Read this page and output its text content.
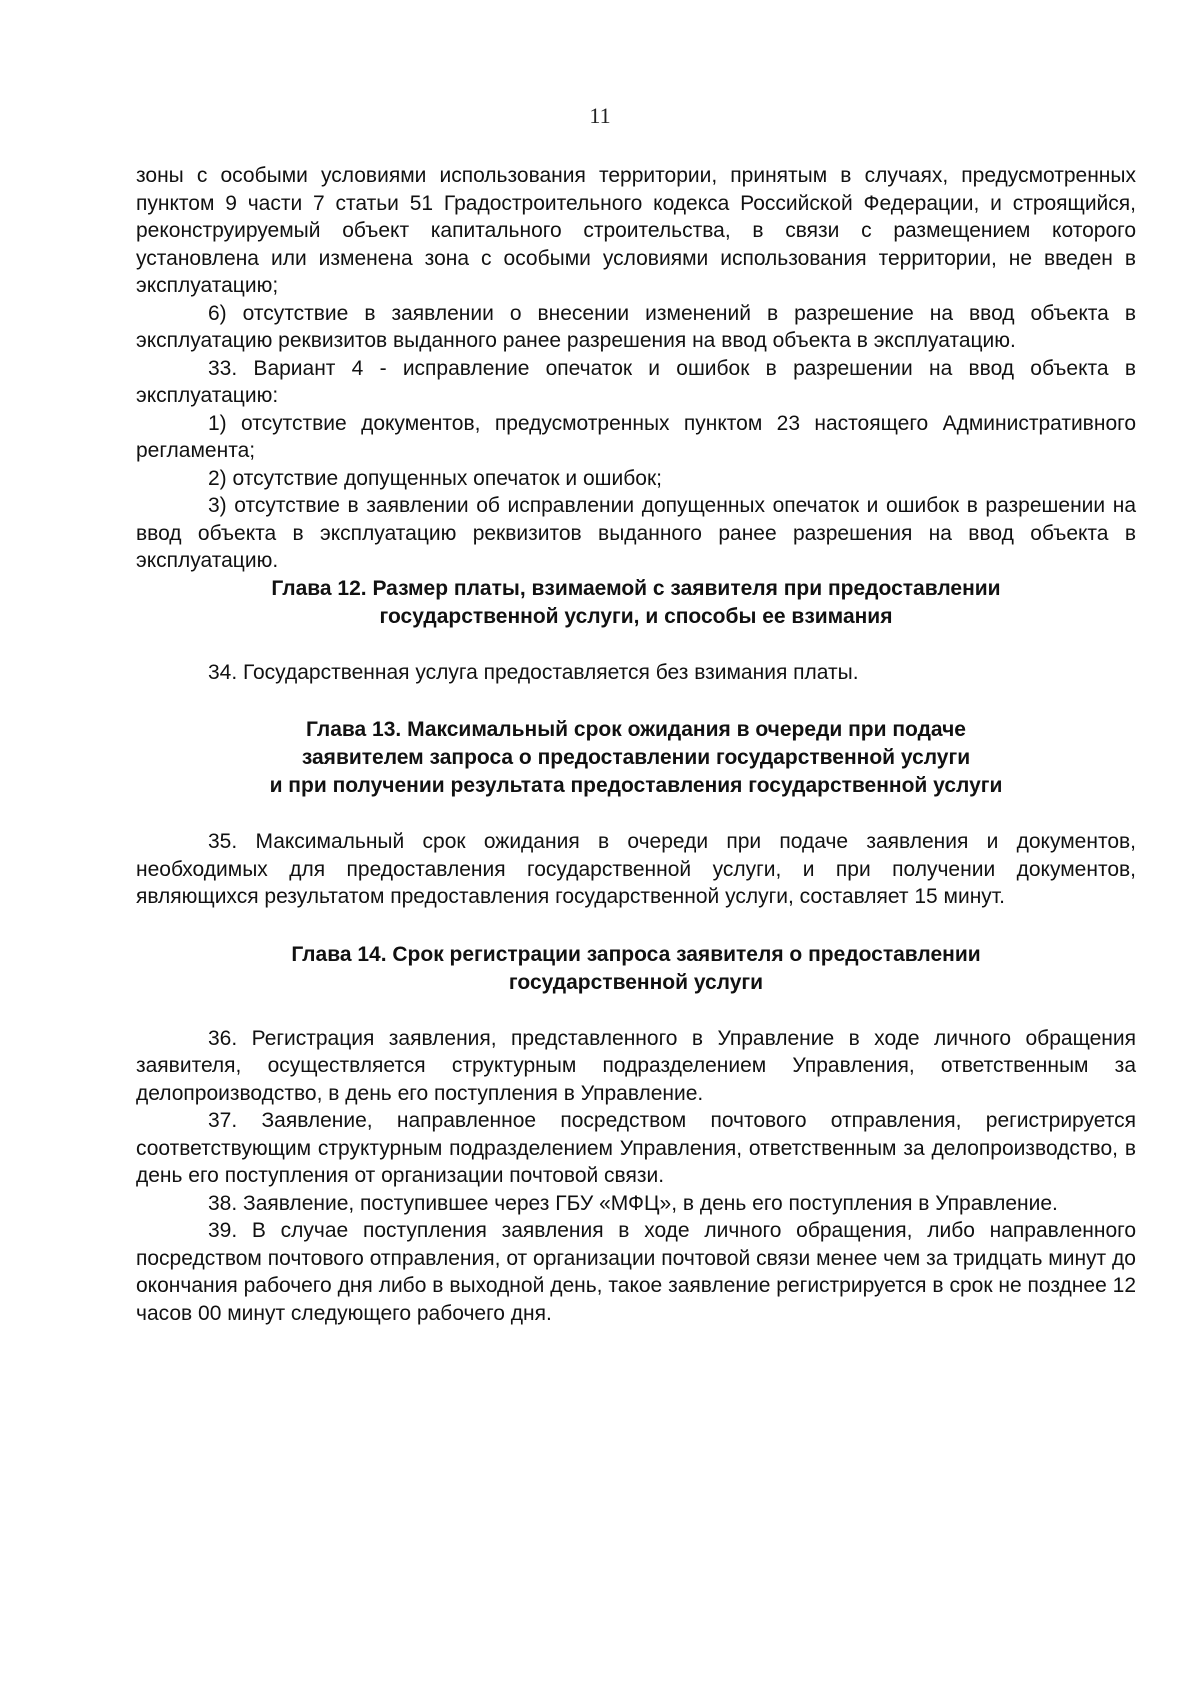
11

зоны с особыми условиями использования территории, принятым в случаях, предусмотренных пунктом 9 части 7 статьи 51 Градостроительного кодекса Российской Федерации, и строящийся, реконструируемый объект капитального строительства, в связи с размещением которого установлена или изменена зона с особыми условиями использования территории, не введен в эксплуатацию;

6) отсутствие в заявлении о внесении изменений в разрешение на ввод объекта в эксплуатацию реквизитов выданного ранее разрешения на ввод объекта в эксплуатацию.

33. Вариант 4 - исправление опечаток и ошибок в разрешении на ввод объекта в эксплуатацию:

1) отсутствие документов, предусмотренных пунктом 23 настоящего Административного регламента;

2) отсутствие допущенных опечаток и ошибок;

3) отсутствие в заявлении об исправлении допущенных опечаток и ошибок в разрешении на ввод объекта в эксплуатацию реквизитов выданного ранее разрешения на ввод объекта в эксплуатацию.

Глава 12. Размер платы, взимаемой с заявителя при предоставлении
государственной услуги, и способы ее взимания

34. Государственная услуга предоставляется без взимания платы.

Глава 13. Максимальный срок ожидания в очереди при подаче
заявителем запроса о предоставлении государственной услуги
и при получении результата предоставления государственной услуги

35. Максимальный срок ожидания в очереди при подаче заявления и документов, необходимых для предоставления государственной услуги, и при получении документов, являющихся результатом предоставления государственной услуги, составляет 15 минут.

Глава 14. Срок регистрации запроса заявителя о предоставлении
государственной услуги

36. Регистрация заявления, представленного в Управление в ходе личного обращения заявителя, осуществляется структурным подразделением Управления, ответственным за делопроизводство, в день его поступления в Управление.

37. Заявление, направленное посредством почтового отправления, регистрируется соответствующим структурным подразделением Управления, ответственным за делопроизводство, в день его поступления от организации почтовой связи.

38. Заявление, поступившее через ГБУ «МФЦ», в день его поступления в Управление.

39. В случае поступления заявления в ходе личного обращения, либо направленного посредством почтового отправления, от организации почтовой связи менее чем за тридцать минут до окончания рабочего дня либо в выходной день, такое заявление регистрируется в срок не позднее 12 часов 00 минут следующего рабочего дня.
